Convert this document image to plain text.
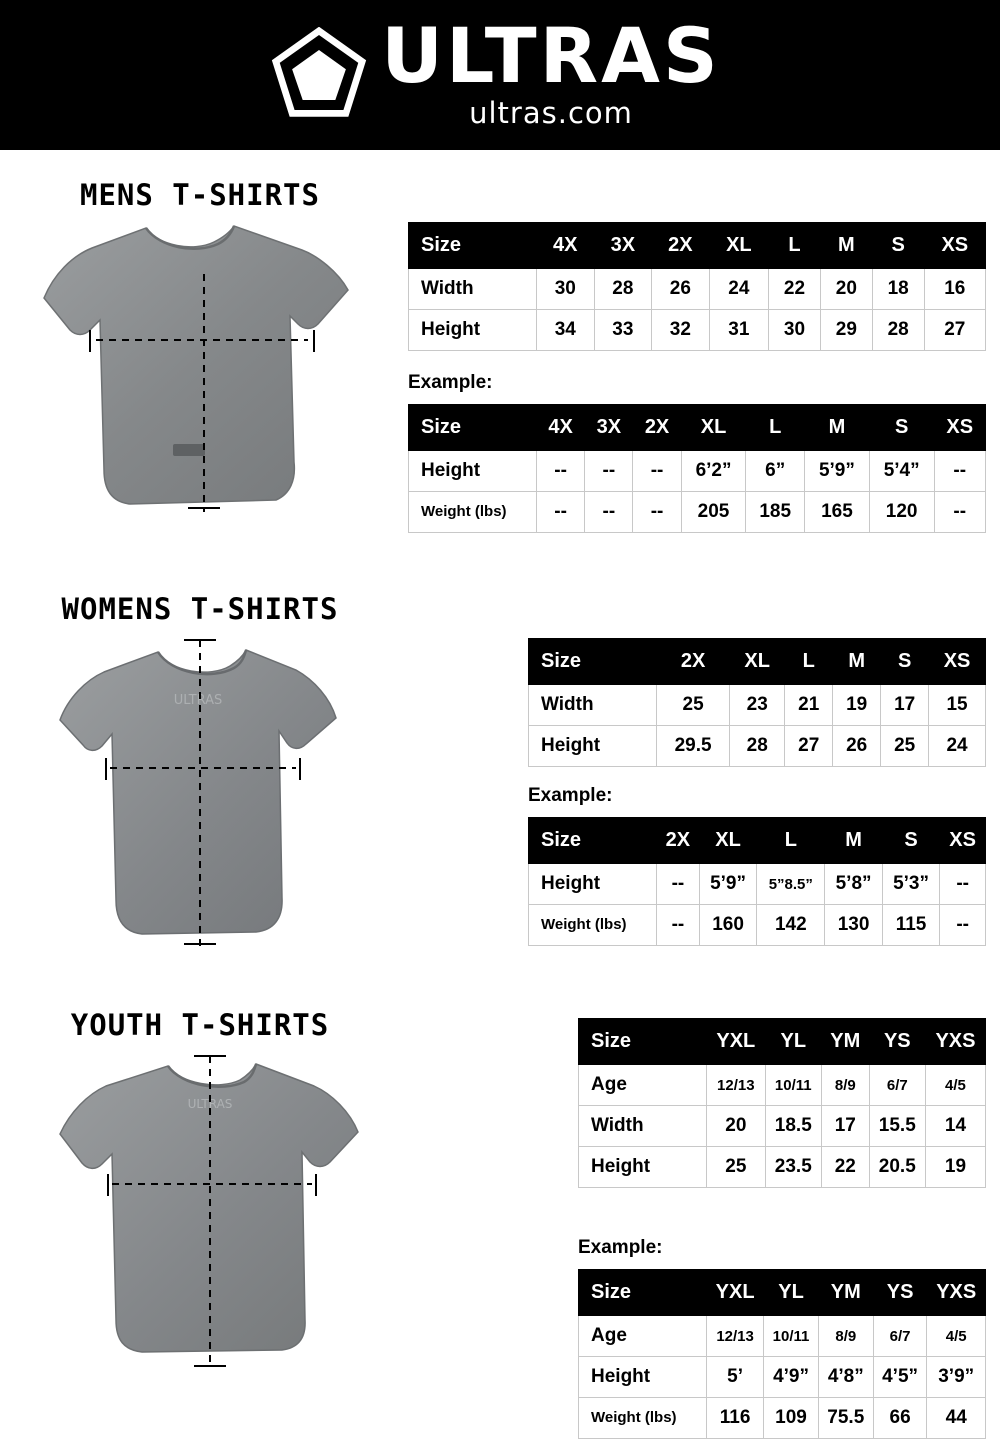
ULTRAS
ultras.com
MENS T-SHIRTS
Size	4X	3X	2X	XL	L	M	S	XS
Width	30	28	26	24	22	20	18	16
Height	34	33	32	31	30	29	28	27
Example:
Size	4X	3X	2X	XL	L	M	S	XS
Height	--	--	--	6’2”	6”	5’9”	5’4”	--
Weight (lbs)	--	--	--	205	185	165	120	--
WOMENS T-SHIRTS
ULTRAS
Size	2X	XL	L	M	S	XS
Width	25	23	21	19	17	15
Height	29.5	28	27	26	25	24
Example:
Size	2X	XL	L	M	S	XS
Height	--	5’9”	5”8.5”	5’8”	5’3”	--
Weight (lbs)	--	160	142	130	115	--
YOUTH T-SHIRTS
ULTRAS
Size	YXL	YL	YM	YS	YXS
Age	12/13	10/11	8/9	6/7	4/5
Width	20	18.5	17	15.5	14
Height	25	23.5	22	20.5	19
Example:
Size	YXL	YL	YM	YS	YXS
Age	12/13	10/11	8/9	6/7	4/5
Height	5’	4’9”	4’8”	4’5”	3’9”
Weight (lbs)	116	109	75.5	66	44
